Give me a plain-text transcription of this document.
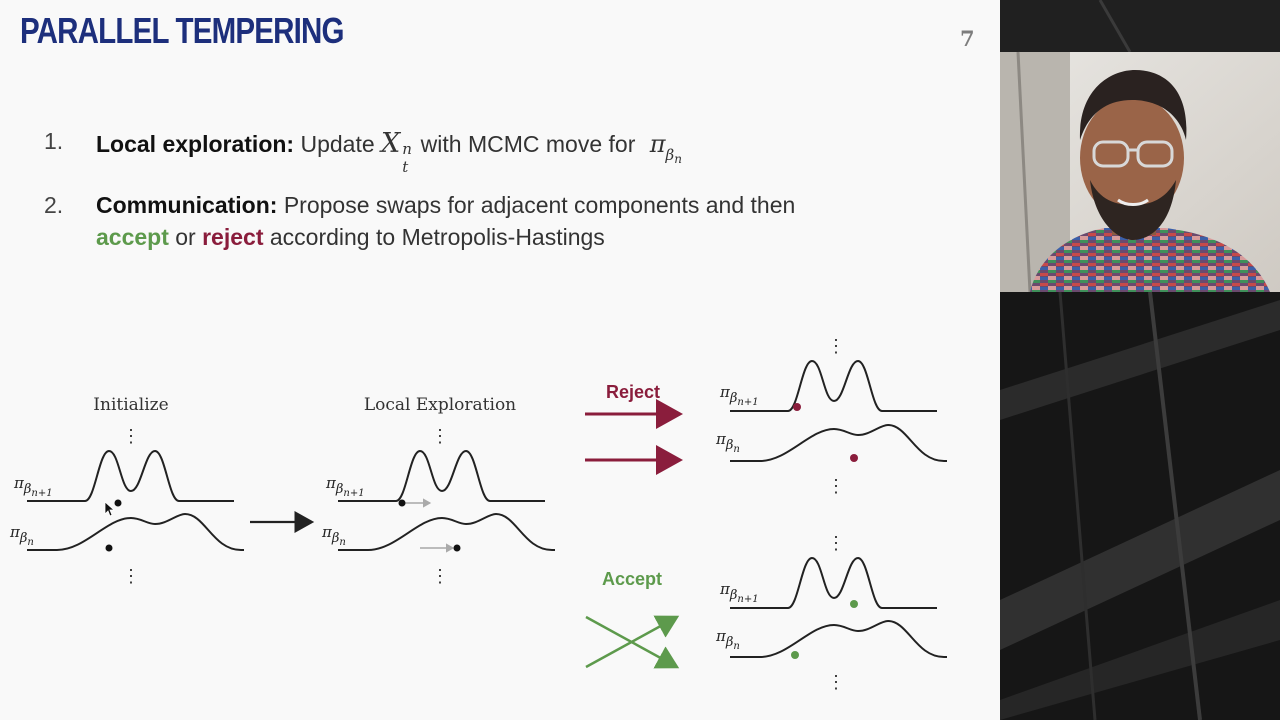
PARALLEL TEMPERING	7
1. Local exploration: Update X n
t
with MCMC move for $\pi_{\beta n}$
2. Communication: Propose swaps for adjacent components and then
accept or reject according to Metropolis-Hastings
Initialize
⋮
$\pi\beta_{n+1}$
$\pi\beta_n$
⋮
Local Exploration
⋮
$\pi\beta_{n+1}$
$\pi\beta_n$
⋮
Reject
⋮
$\pi\beta_{n+1}$
$\pi\beta_n$
⋮
Accept
⋮
$\pi\beta_{n+1}$
$\pi\beta_n$
⋮
